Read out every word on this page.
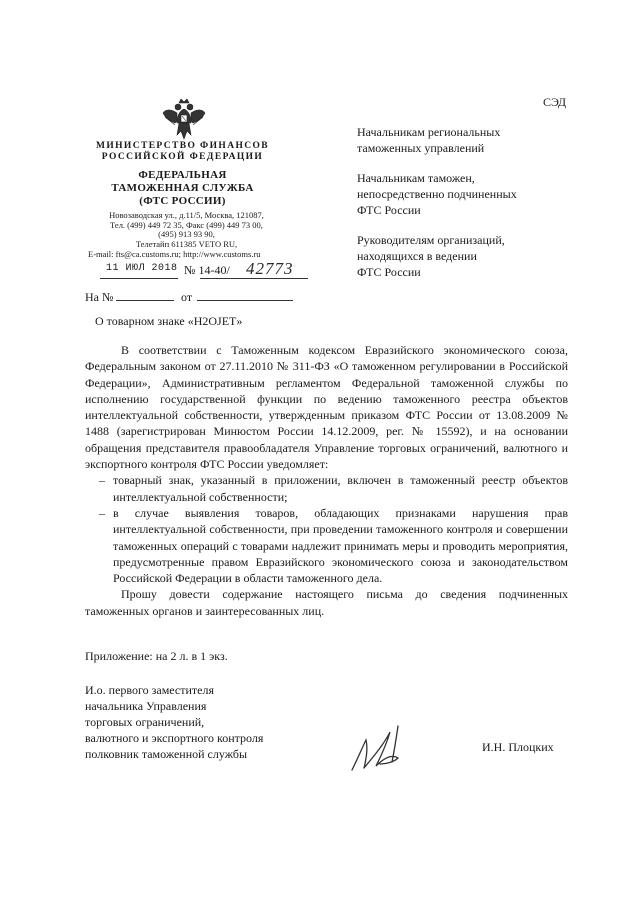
СЭД
МИНИСТЕРСТВО ФИНАНСОВ
РОССИЙСКОЙ ФЕДЕРАЦИИ
ФЕДЕРАЛЬНАЯ
ТАМОЖЕННАЯ СЛУЖБА
(ФТС РОССИИ)
Новозаводская ул., д.11/5, Москва, 121087,
Тел. (499) 449 72 35, Факс (499) 449 73 00,
(495) 913 93 90,
Телетайп 611385 VETO RU,
E-mail: fts@ca.customs.ru; http://www.customs.ru
11 ИЮЛ 2018 № 14-40/ 42773
На №	от
Начальникам региональных
таможенных управлений
Начальникам таможен,
непосредственно подчиненных
ФТС России
Руководителям организаций,
находящихся в ведении
ФТС России
О товарном знаке «H2OJET»

В соответствии с Таможенным кодексом Евразийского экономического союза, Федеральным законом от 27.11.2010 № 311-ФЗ «О таможенном регулировании в Российской Федерации», Административным регламентом Федеральной таможенной службы по исполнению государственной функции по ведению таможенного реестра объектов интеллектуальной собственности, утвержденным приказом ФТС России от 13.08.2009 № 1488 (зарегистрирован Минюстом России 14.12.2009, рег. № 15592), и на основании обращения представителя правообладателя Управление торговых ограничений, валютного и экспортного контроля ФТС России уведомляет:

– товарный знак, указанный в приложении, включен в таможенный реестр объектов интеллектуальной собственности;

– в случае выявления товаров, обладающих признаками нарушения прав интеллектуальной собственности, при проведении таможенного контроля и совершении таможенных операций с товарами надлежит принимать меры и проводить мероприятия, предусмотренные правом Евразийского экономического союза и законодательством Российской Федерации в области таможенного дела.

Прошу довести содержание настоящего письма до сведения подчиненных таможенных органов и заинтересованных лиц.

Приложение: на 2 л. в 1 экз.
И.о. первого заместителя
начальника Управления
торговых ограничений,
валютного и экспортного контроля
полковник таможенной службы	И.Н. Плоцких
